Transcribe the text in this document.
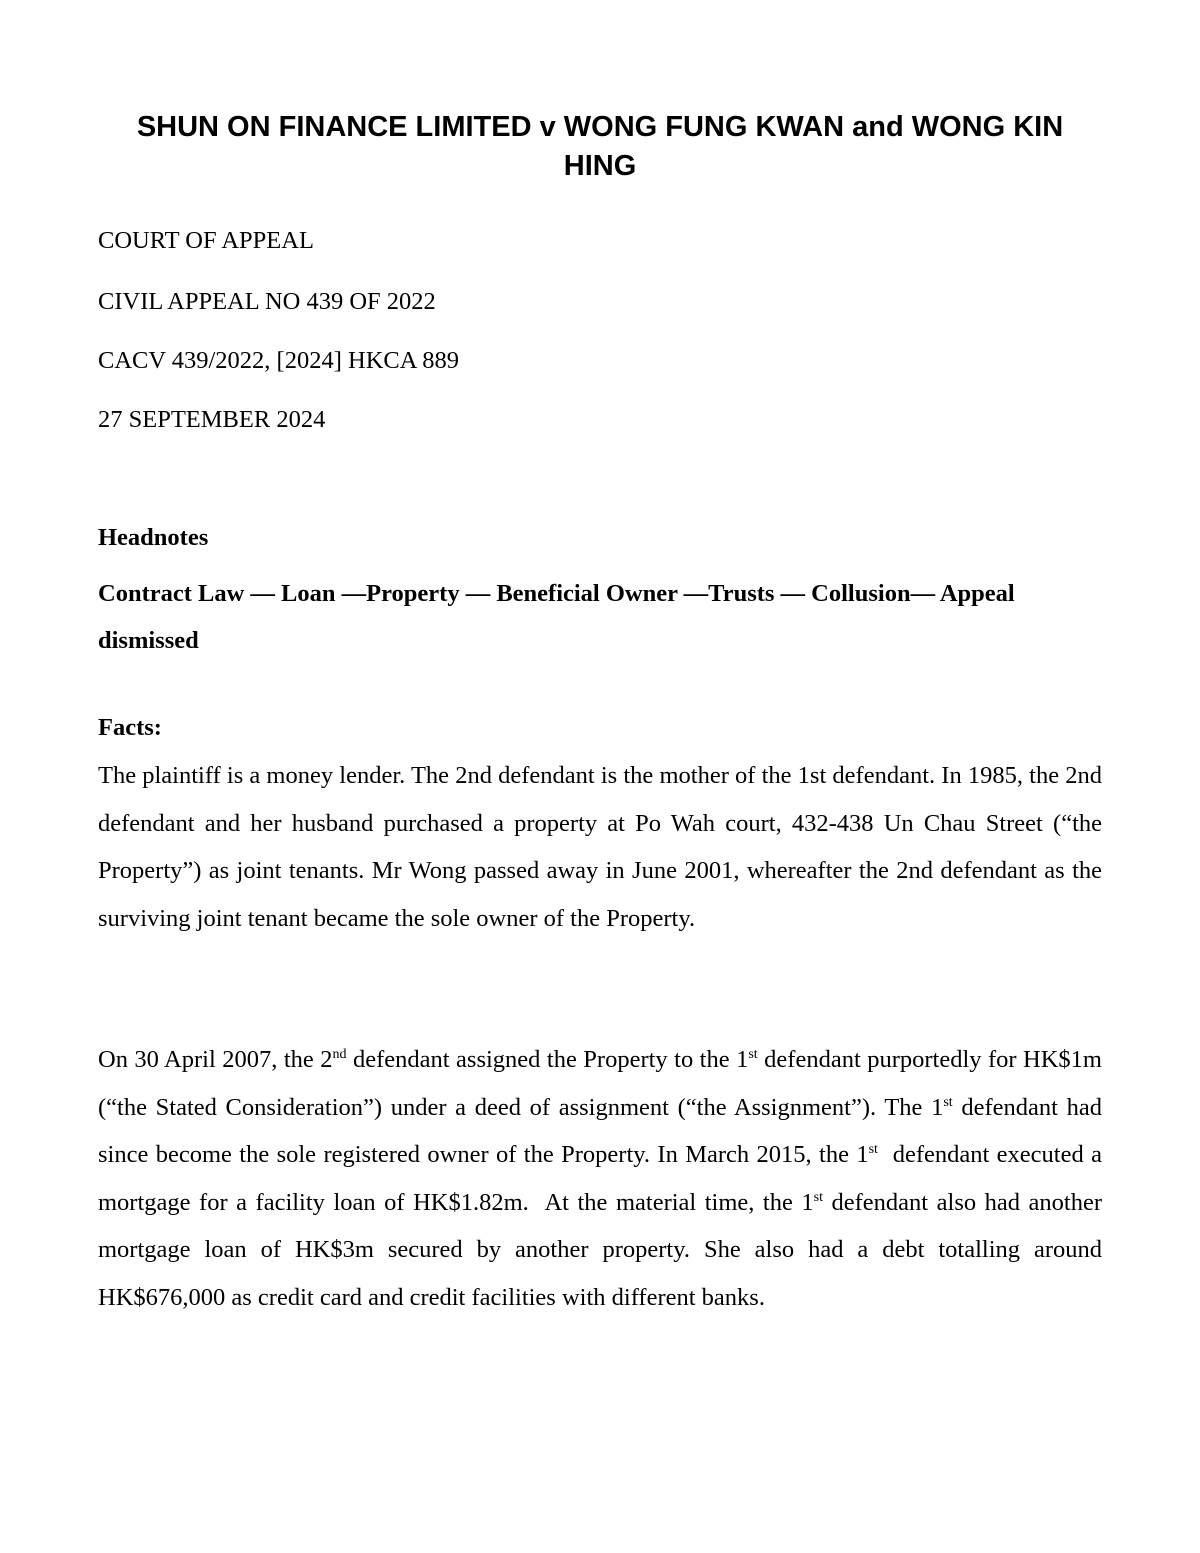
SHUN ON FINANCE LIMITED v WONG FUNG KWAN and WONG KIN HING

COURT OF APPEAL

CIVIL APPEAL NO 439 OF 2022

CACV 439/2022, [2024] HKCA 889

27 SEPTEMBER 2024

Headnotes

Contract Law — Loan —Property — Beneficial Owner —Trusts — Collusion— Appeal dismissed

Facts:

The plaintiff is a money lender. The 2nd defendant is the mother of the 1st defendant. In 1985, the 2nd defendant and her husband purchased a property at Po Wah court, 432-438 Un Chau Street (“the Property”) as joint tenants. Mr Wong passed away in June 2001, whereafter the 2nd defendant as the surviving joint tenant became the sole owner of the Property.

On 30 April 2007, the 2nd defendant assigned the Property to the 1st defendant purportedly for HK$1m (“the Stated Consideration”) under a deed of assignment (“the Assignment”). The 1st defendant had since become the sole registered owner of the Property. In March 2015, the 1st  defendant executed a mortgage for a facility loan of HK$1.82m.  At the material time, the 1st defendant also had another mortgage loan of HK$3m secured by another property. She also had a debt totalling around HK$676,000 as credit card and credit facilities with different banks.
